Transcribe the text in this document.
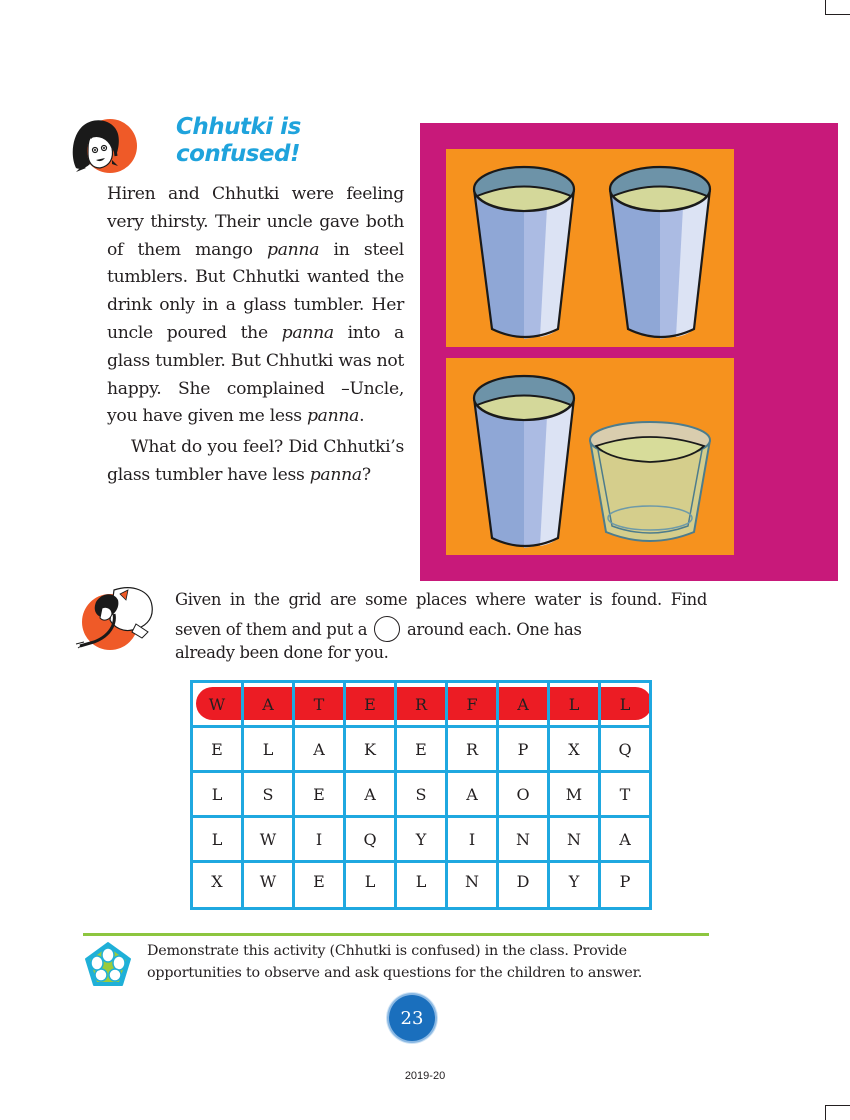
Chhutki is
confused!

Hiren and Chhutki were feeling very thirsty. Their uncle gave both of them mango panna in steel tumblers. But Chhutki wanted the drink only in a glass tumbler. Her uncle poured the panna into a glass tumbler. But Chhutki was not happy. She complained –Uncle, you have given me less panna.

What do you feel? Did Chhutki’s glass tumbler have less panna?

Given in the grid are some places where water is found. Find seven of them and put a around each. One has
already been done for you.
W	A	T	E	R	F	A	L	L
E	L	A	K	E	R	P	X	Q
L	S	E	A	S	A	O	M	T
L	W	I	Q	Y	I	N	N	A
X	W	E	L	L	N	D	Y	P
Demonstrate this activity (Chhutki is confused) in the class. Provide
opportunities to observe and ask questions for the children to answer.
23
2019-20
